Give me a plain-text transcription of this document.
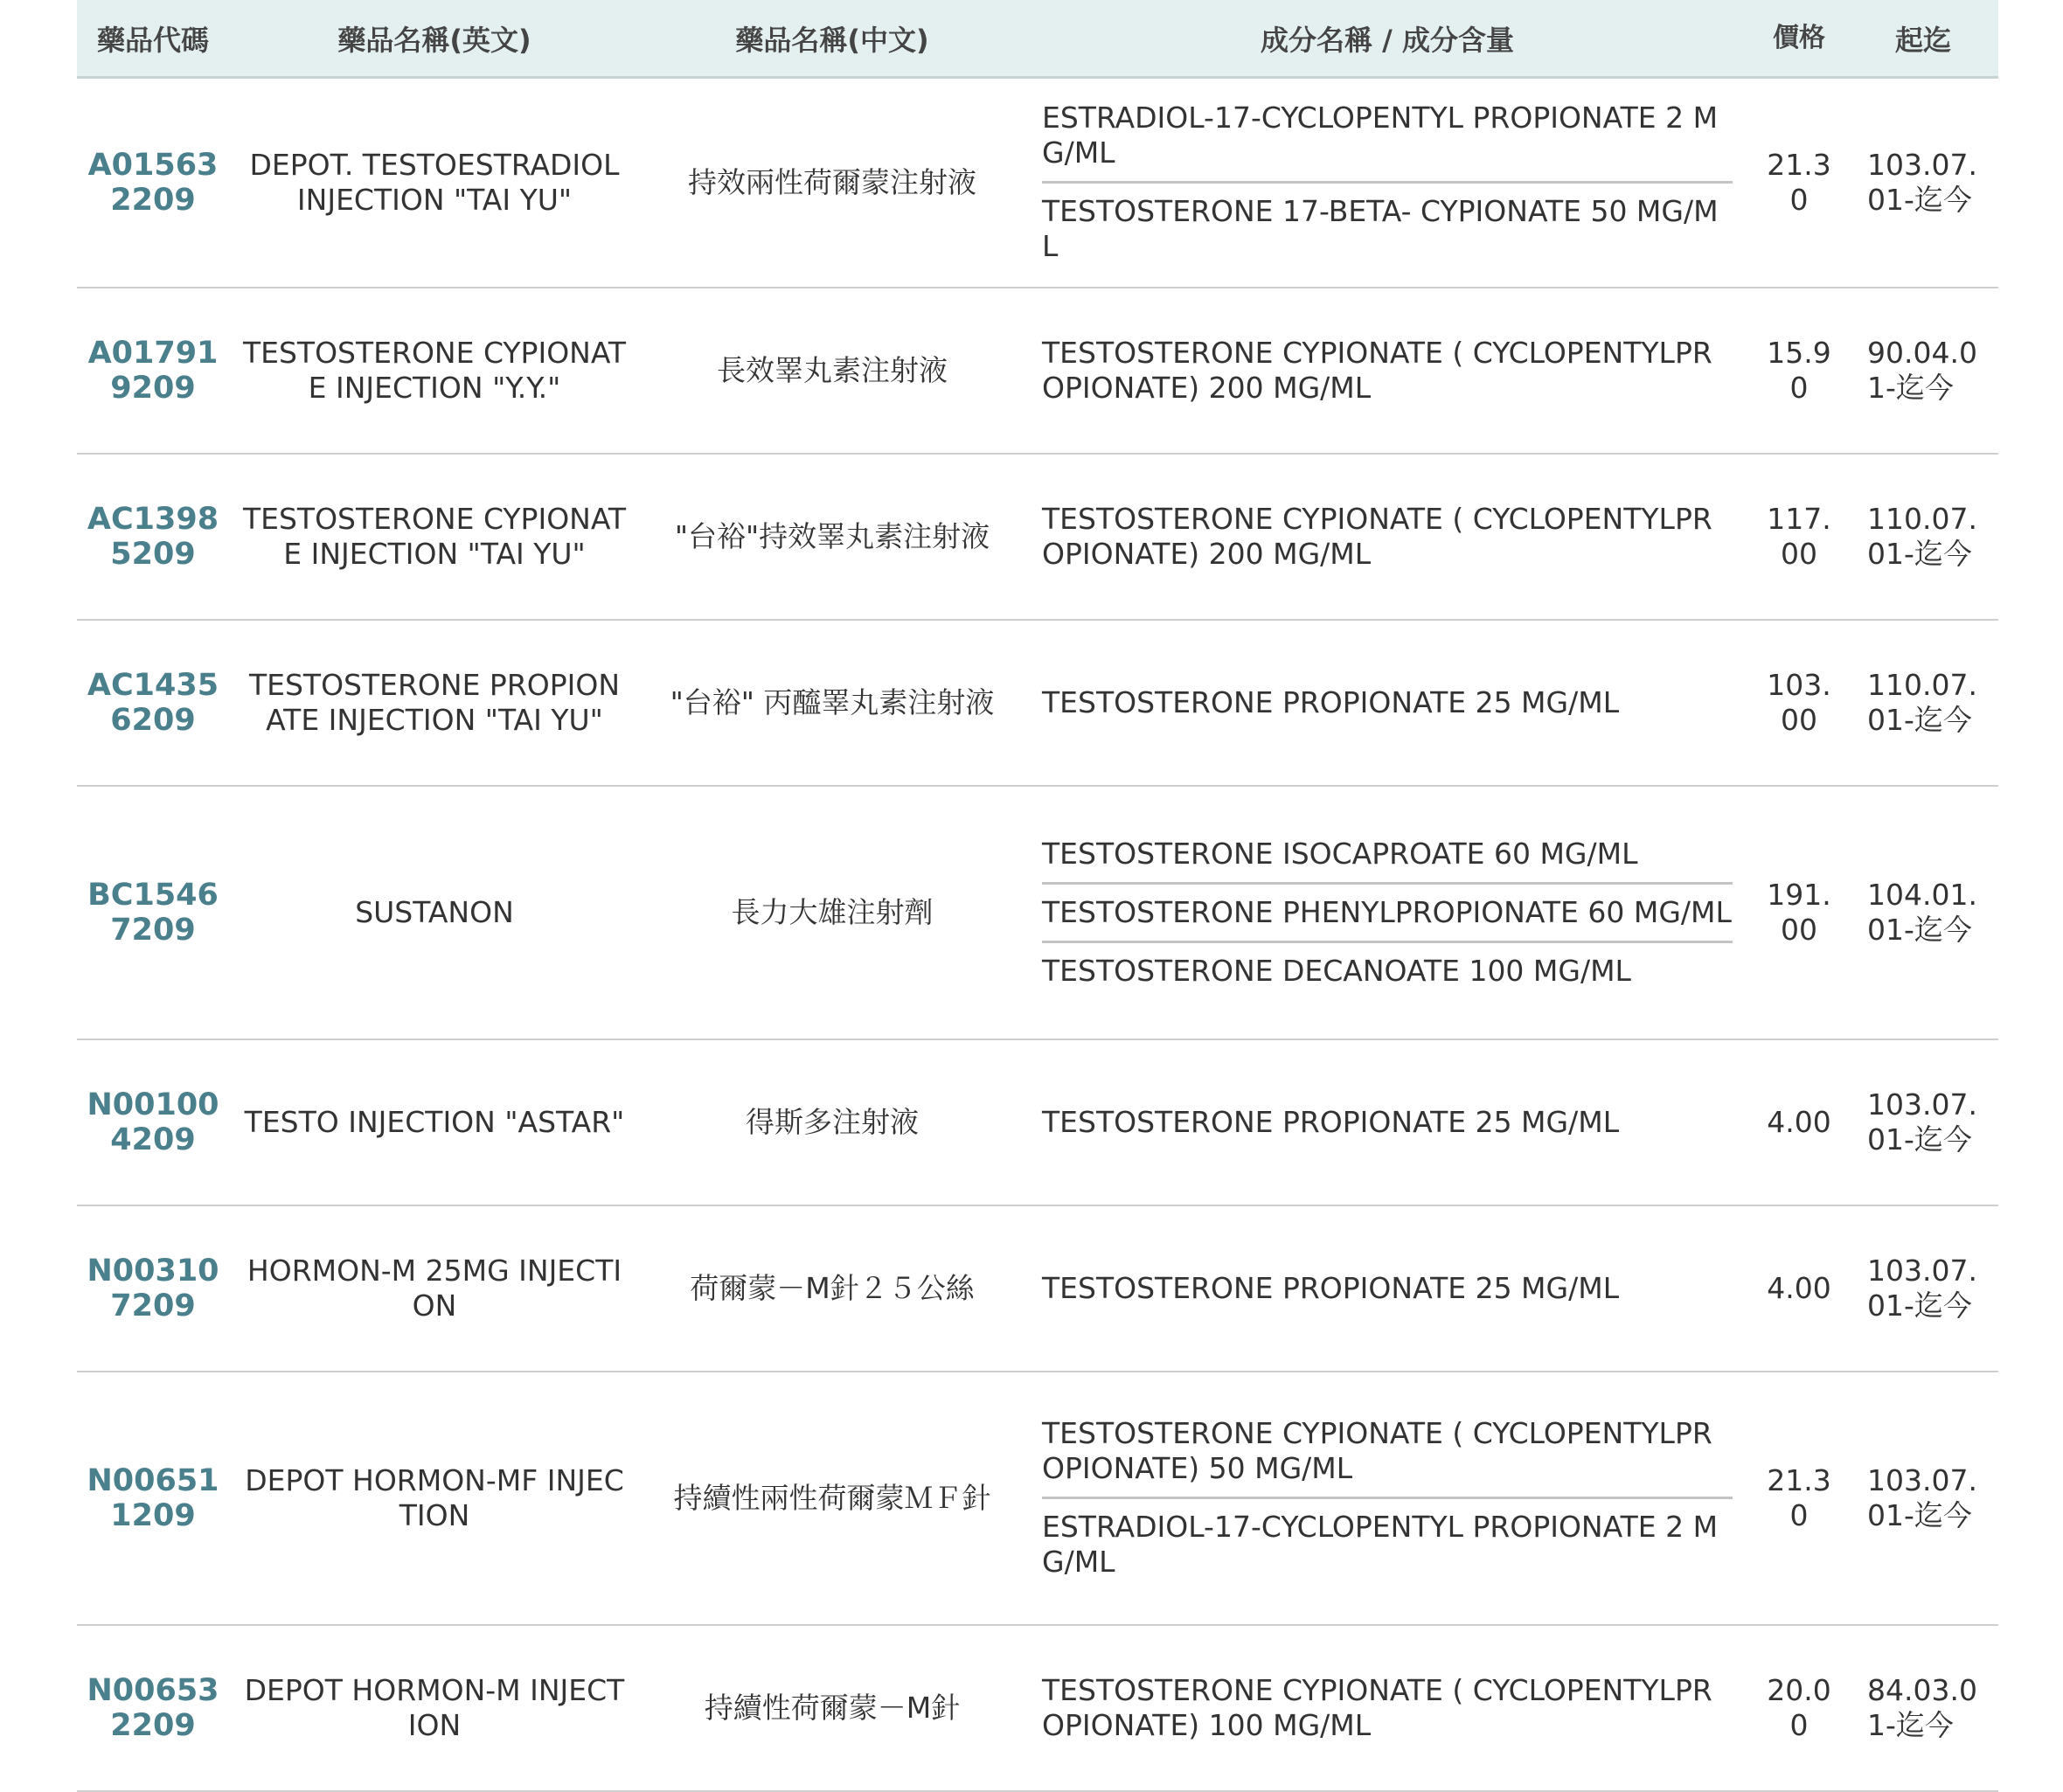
藥品代碼	藥品名稱(英文)	藥品名稱(中文)	成分名稱 / 成分含量	價格	起迄
A015632209	DEPOT. TESTOESTRADIOL INJECTION "TAI YU"	持效兩性荷爾蒙注射液	ESTRADIOL-17-CYCLOPENTYL PROPIONATE 2 MG/ML
TESTOSTERONE 17-BETA- CYPIONATE 50 MG/ML	21.30	103.07.01-迄今
A017919209	TESTOSTERONE CYPIONATE INJECTION "Y.Y."	長效睪丸素注射液	TESTOSTERONE CYPIONATE ( CYCLOPENTYLPROPIONATE) 200 MG/ML	15.90	90.04.01-迄今
AC13985209	TESTOSTERONE CYPIONATE INJECTION "TAI YU"	"台裕"持效睪丸素注射液	TESTOSTERONE CYPIONATE ( CYCLOPENTYLPROPIONATE) 200 MG/ML	117.00	110.07.01-迄今
AC14356209	TESTOSTERONE PROPIONATE INJECTION "TAI YU"	"台裕" 丙醯睪丸素注射液	TESTOSTERONE PROPIONATE 25 MG/ML	103.00	110.07.01-迄今
BC15467209	SUSTANON	長力大雄注射劑	TESTOSTERONE ISOCAPROATE 60 MG/ML
TESTOSTERONE PHENYLPROPIONATE 60 MG/ML
TESTOSTERONE DECANOATE 100 MG/ML	191.00	104.01.01-迄今
N001004209	TESTO INJECTION "ASTAR"	得斯多注射液	TESTOSTERONE PROPIONATE 25 MG/ML	4.00	103.07.01-迄今
N003107209	HORMON-M 25MG INJECTION	荷爾蒙－M針２５公絲	TESTOSTERONE PROPIONATE 25 MG/ML	4.00	103.07.01-迄今
N006511209	DEPOT HORMON-MF INJECTION	持續性兩性荷爾蒙ＭＦ針	TESTOSTERONE CYPIONATE ( CYCLOPENTYLPROPIONATE) 50 MG/ML
ESTRADIOL-17-CYCLOPENTYL PROPIONATE 2 MG/ML	21.30	103.07.01-迄今
N006532209	DEPOT HORMON-M INJECTION	持續性荷爾蒙－M針	TESTOSTERONE CYPIONATE ( CYCLOPENTYLPROPIONATE) 100 MG/ML	20.00	84.03.01-迄今
